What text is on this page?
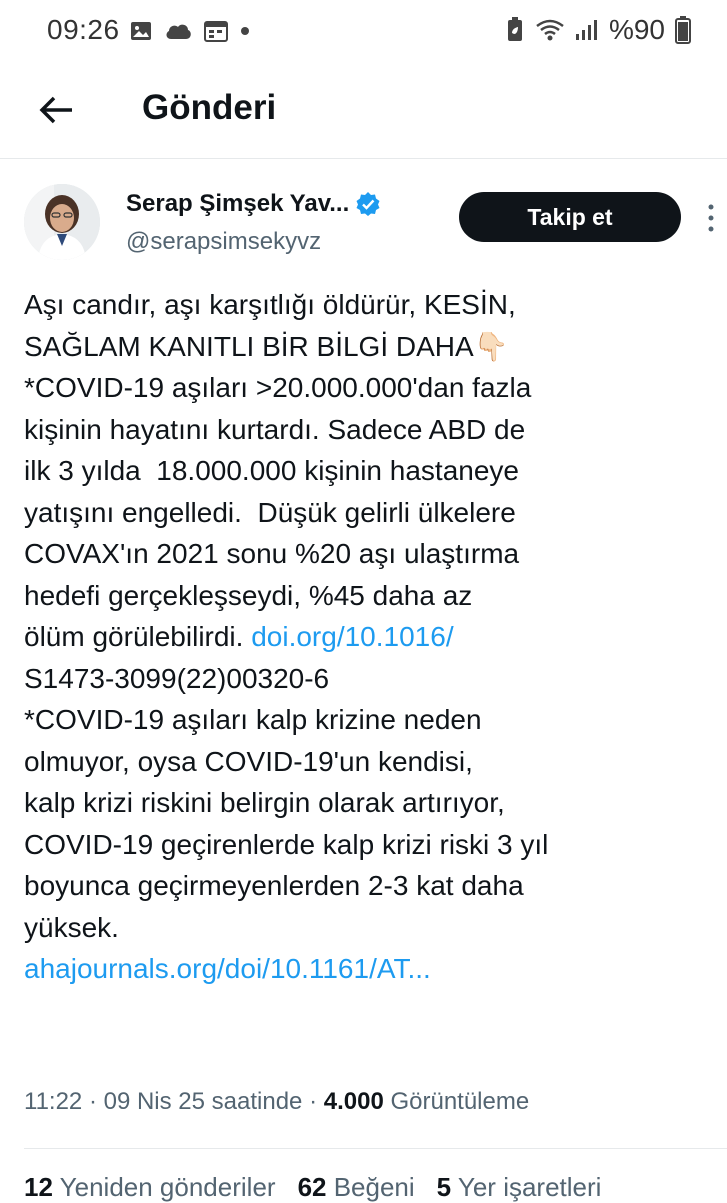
09:26	%90
Gönderi
Serap Şimşek Yav...
@serapsimsekyvz
Takip et
Aşı candır, aşı karşıtlığı öldürür, KESİN,
SAĞLAM KANITLI BİR BİLGİ DAHA👇🏻
*COVID-19 aşıları >20.000.000'dan fazla
kişinin hayatını kurtardı. Sadece ABD de
ilk 3 yılda  18.000.000 kişinin hastaneye
yatışını engelledi.  Düşük gelirli ülkelere
COVAX'ın 2021 sonu %20 aşı ulaştırma
hedefi gerçekleşseydi, %45 daha az
ölüm görülebilirdi. doi.org/10.1016/
S1473-3099(22)00320-6
*COVID-19 aşıları kalp krizine neden
olmuyor, oysa COVID-19'un kendisi,
kalp krizi riskini belirgin olarak artırıyor,
COVID-19 geçirenlerde kalp krizi riski 3 yıl
boyunca geçirmeyenlerden 2-3 kat daha
yüksek.
ahajournals.org/doi/10.1161/AT...
11:22 · 09 Nis 25 saatinde · 4.000 Görüntüleme
12 Yeniden gönderiler 62 Beğeni 5 Yer işaretleri
